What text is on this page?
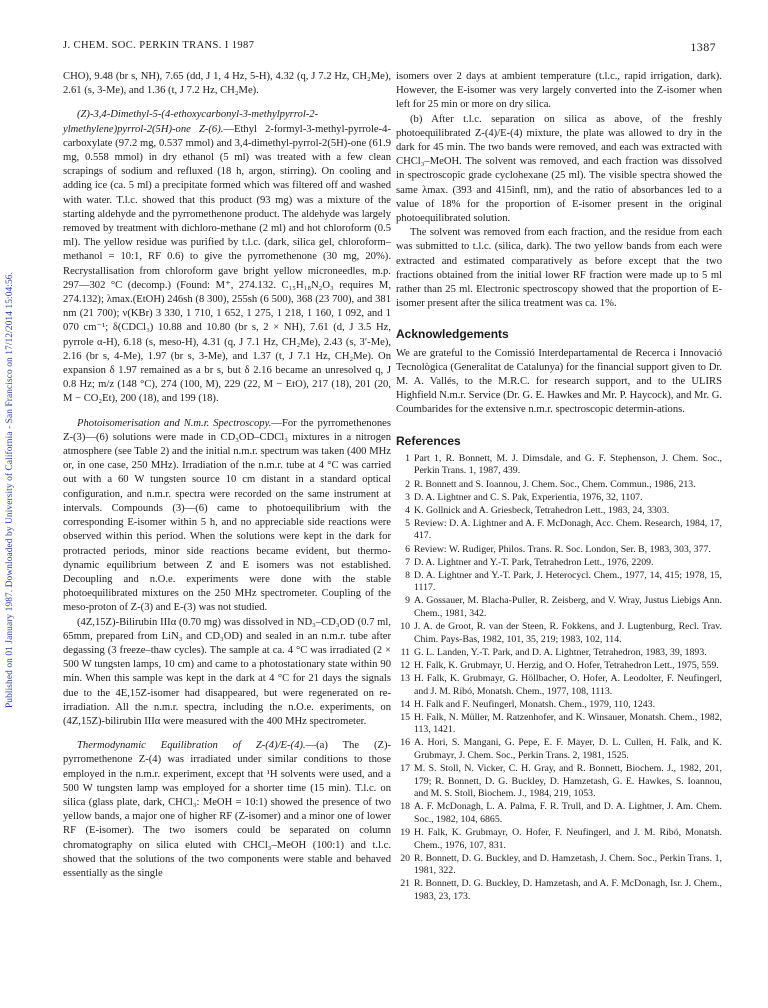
J. CHEM. SOC. PERKIN TRANS. I 1987	1387
Published on 01 January 1987. Downloaded by University of California - San Francisco on 17/12/2014 15:04:56.

CHO), 9.48 (br s, NH), 7.65 (dd, J 1, 4 Hz, 5-H), 4.32 (q, J 7.2 Hz, CH₂Me), 2.61 (s, 3-Me), and 1.36 (t, J 7.2 Hz, CH₂Me).

(Z)-3,4-Dimethyl-5-(4-ethoxycarbonyl-3-methylpyrrol-2-ylmethylene)pyrrol-2(5H)-one Z-(6).—Ethyl 2-formyl-3-methyl-pyrrole-4-carboxylate (97.2 mg, 0.537 mmol) and 3,4-dimethyl-pyrrol-2(5H)-one (61.9 mg, 0.558 mmol) in dry ethanol (5 ml) was treated with a few clean scrapings of sodium and refluxed (18 h, argon, stirring). On cooling and adding ice (ca. 5 ml) a precipitate formed which was filtered off and washed with water. T.l.c. showed that this product (93 mg) was a mixture of the starting aldehyde and the pyrromethenone product. The aldehyde was largely removed by treatment with dichloro-methane (2 ml) and hot chloroform (0.5 ml). The yellow residue was purified by t.l.c. (dark, silica gel, chloroform–methanol = 10:1, RF 0.6) to give the pyrromethenone (30 mg, 20%). Recrystallisation from chloroform gave bright yellow microneedles, m.p. 297—302 °C (decomp.) (Found: M⁺, 274.132. C₁₅H₁₈N₂O₃ requires M, 274.132); λmax.(EtOH) 246sh (8 300), 255sh (6 500), 368 (23 700), and 381 nm (21 700); ν(KBr) 3 330, 1 710, 1 652, 1 275, 1 218, 1 160, 1 092, and 1 070 cm⁻¹; δ(CDCl₃) 10.88 and 10.80 (br s, 2 × NH), 7.61 (d, J 3.5 Hz, pyrrole α-H), 6.18 (s, meso-H), 4.31 (q, J 7.1 Hz, CH₂Me), 2.43 (s, 3′-Me), 2.16 (br s, 4-Me), 1.97 (br s, 3-Me), and 1.37 (t, J 7.1 Hz, CH₂Me). On expansion δ 1.97 remained as a br s, but δ 2.16 became an unresolved q, J 0.8 Hz; m/z (148 °C), 274 (100, M), 229 (22, M − EtO), 217 (18), 201 (20, M − CO₂Et), 200 (18), and 199 (18).

Photoisomerisation and N.m.r. Spectroscopy.—For the pyrromethenones Z-(3)—(6) solutions were made in CD₃OD–CDCl₃ mixtures in a nitrogen atmosphere (see Table 2) and the initial n.m.r. spectrum was taken (400 MHz or, in one case, 250 MHz). Irradiation of the n.m.r. tube at 4 °C was carried out with a 60 W tungsten source 10 cm distant in a standard optical configuration, and n.m.r. spectra were recorded on the same instrument at intervals. Compounds (3)—(6) came to photoequilibrium with the corresponding E-isomer within 5 h, and no appreciable side reactions were observed within this period. When the solutions were kept in the dark for protracted periods, minor side reactions became evident, but thermo-dynamic equilibrium between Z and E isomers was not established. Decoupling and n.O.e. experiments were done with the stable photoequilibrated mixtures on the 250 MHz spectrometer. Coupling of the meso-proton of Z-(3) and E-(3) was not studied.

(4Z,15Z)-Bilirubin IIIα (0.70 mg) was dissolved in ND₃–CD₃OD (0.7 ml, 65mm, prepared from LiN₃ and CD₃OD) and sealed in an n.m.r. tube after degassing (3 freeze–thaw cycles). The sample at ca. 4 °C was irradiated (2 × 500 W tungsten lamps, 10 cm) and came to a photostationary state within 90 min. When this sample was kept in the dark at 4 °C for 21 days the signals due to the 4E,15Z-isomer had disappeared, but were regenerated on re-irradiation. All the n.m.r. spectra, including the n.O.e. experiments, on (4Z,15Z)-bilirubin IIIα were measured with the 400 MHz spectrometer.

Thermodynamic Equilibration of Z-(4)/E-(4).—(a) The (Z)-pyrromethenone Z-(4) was irradiated under similar conditions to those employed in the n.m.r. experiment, except that ¹H solvents were used, and a 500 W tungsten lamp was employed for a shorter time (15 min). T.l.c. on silica (glass plate, dark, CHCl₃: MeOH = 10:1) showed the presence of two yellow bands, a major one of higher RF (Z-isomer) and a minor one of lower RF (E-isomer). The two isomers could be separated on column chromatography on silica eluted with CHCl₃–MeOH (100:1) and t.l.c. showed that the solutions of the two components were stable and behaved essentially as the single

isomers over 2 days at ambient temperature (t.l.c., rapid irrigation, dark). However, the E-isomer was very largely converted into the Z-isomer when left for 25 min or more on dry silica.

(b) After t.l.c. separation on silica as above, of the freshly photoequilibrated Z-(4)/E-(4) mixture, the plate was allowed to dry in the dark for 45 min. The two bands were removed, and each was extracted with CHCl₃–MeOH. The solvent was removed, and each fraction was dissolved in spectroscopic grade cyclohexane (25 ml). The visible spectra showed the same λmax. (393 and 415infl, nm), and the ratio of absorbances led to a value of 18% for the proportion of E-isomer present in the original photoequilibrated solution.

The solvent was removed from each fraction, and the residue from each was submitted to t.l.c. (silica, dark). The two yellow bands from each were extracted and estimated comparatively as before except that the two fractions obtained from the initial lower RF fraction were made up to 5 ml rather than 25 ml. Electronic spectroscopy showed that the proportion of E-isomer present after the silica treatment was ca. 1%.

Acknowledgements

We are grateful to the Comissió Interdepartamental de Recerca i Innovació Tecnològica (Generalitat de Catalunya) for the financial support given to Dr. M. A. Vallés, to the M.R.C. for research support, and to the ULIRS Highfield N.m.r. Service (Dr. G. E. Hawkes and Mr. P. Haycock), and Mr. G. Coumbarides for the extensive n.m.r. spectroscopic determin-ations.

References
1 Part 1, R. Bonnett, M. J. Dimsdale, and G. F. Stephenson, J. Chem. Soc., Perkin Trans. 1, 1987, 439.
2 R. Bonnett and S. Ioannou, J. Chem. Soc., Chem. Commun., 1986, 213.
3 D. A. Lightner and C. S. Pak, Experientia, 1976, 32, 1107.
4 K. Gollnick and A. Griesbeck, Tetrahedron Lett., 1983, 24, 3303.
5 Review: D. A. Lightner and A. F. McDonagh, Acc. Chem. Research, 1984, 17, 417.
6 Review: W. Rudiger, Philos. Trans. R. Soc. London, Ser. B, 1983, 303, 377.
7 D. A. Lightner and Y.-T. Park, Tetrahedron Lett., 1976, 2209.
8 D. A. Lightner and Y.-T. Park, J. Heterocycl. Chem., 1977, 14, 415; 1978, 15, 1117.
9 A. Gossauer, M. Blacha-Puller, R. Zeisberg, and V. Wray, Justus Liebigs Ann. Chem., 1981, 342.
10 J. A. de Groot, R. van der Steen, R. Fokkens, and J. Lugtenburg, Recl. Trav. Chim. Pays-Bas, 1982, 101, 35, 219; 1983, 102, 114.
11 G. L. Landen, Y.-T. Park, and D. A. Lightner, Tetrahedron, 1983, 39, 1893.
12 H. Falk, K. Grubmayr, U. Herzig, and O. Hofer, Tetrahedron Lett., 1975, 559.
13 H. Falk, K. Grubmayr, G. Höllbacher, O. Hofer, A. Leodolter, F. Neufingerl, and J. M. Ribó, Monatsh. Chem., 1977, 108, 1113.
14 H. Falk and F. Neufingerl, Monatsh. Chem., 1979, 110, 1243.
15 H. Falk, N. Müller, M. Ratzenhofer, and K. Winsauer, Monatsh. Chem., 1982, 113, 1421.
16 A. Hori, S. Mangani, G. Pepe, E. F. Mayer, D. L. Cullen, H. Falk, and K. Grubmayr, J. Chem. Soc., Perkin Trans. 2, 1981, 1525.
17 M. S. Stoll, N. Vicker, C. H. Gray, and R. Bonnett, Biochem. J., 1982, 201, 179; R. Bonnett, D. G. Buckley, D. Hamzetash, G. E. Hawkes, S. Ioannou, and M. S. Stoll, Biochem. J., 1984, 219, 1053.
18 A. F. McDonagh, L. A. Palma, F. R. Trull, and D. A. Lightner, J. Am. Chem. Soc., 1982, 104, 6865.
19 H. Falk, K. Grubmayr, O. Hofer, F. Neufingerl, and J. M. Ribó, Monatsh. Chem., 1976, 107, 831.
20 R. Bonnett, D. G. Buckley, and D. Hamzetash, J. Chem. Soc., Perkin Trans. 1, 1981, 322.
21 R. Bonnett, D. G. Buckley, D. Hamzetash, and A. F. McDonagh, Isr. J. Chem., 1983, 23, 173.
